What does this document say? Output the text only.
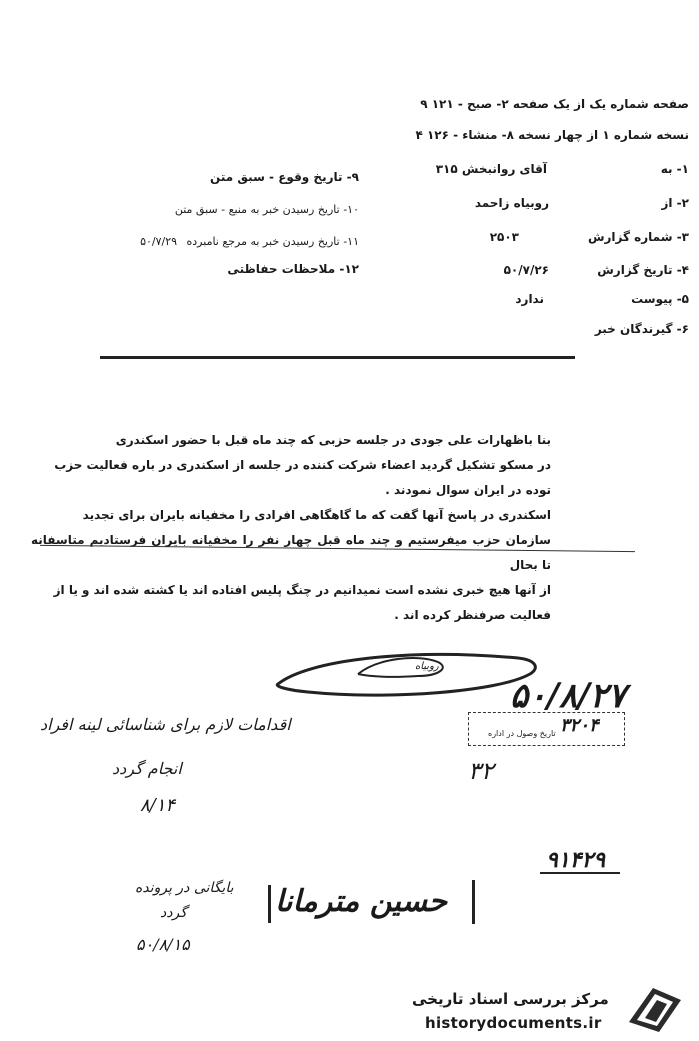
صفحه شماره یک از یک صفحه ۲- صبح - ۱۲۱ ۹
نسخه شماره ۱ از چهار نسخه ۸- منشاء - ۱۲۶ ۴
۱- به
آقای روانبخش ۳۱۵
۲- از
روبیاه زاحمد
۳- شماره گزارش
۲۵۰۳
۴- تاریخ گزارش
۵۰/۷/۲۶
۵- پیوست
ندارد
۶- گیرندگان خبر
۹- تاریخ وقوع - سبق متن
۱۰- تاریخ رسیدن خبر به منبع - سبق متن
۱۱- تاریخ رسیدن خبر به مرجع نامبرده ۵۰/۷/۲۹
۱۲- ملاحظات حفاظتی
بنا باظهارات علی جودی در جلسه حزبی که چند ماه قبل با حضور اسکندری
در مسکو تشکیل گردید اعضاء شرکت کننده در جلسه از اسکندری در باره فعالیت حزب
توده در ایران سوال نمودند .
اسکندری در پاسخ آنها گفت که ما گاهگاهی افرادی را مخفیانه بایران برای تجدید
سازمان حزب میفرستیم و چند ماه قبل چهار نفر را مخفیانه بایران فرستادیم متاسفانه تا بحال
از آنها هیچ خبری نشده است نمیدانیم در چنگ پلیس افتاده اند یا کشته شده اند و یا از
فعالیت صرفنظر کرده اند .
روبیاه
۵۰/۸/۲۷
تاریخ وصول در اداره ۳۲۰۴
۳۲
اقدامات لازم برای شناسائی لینه افراد
انجام گردد
۸/۱۴
۹۱۴۲۹
حسین مترمانا
بایگانی در پرونده
گردد
۵۰/۸/۱۵
مرکز بررسی اسناد تاریخی
historydocuments.ir
